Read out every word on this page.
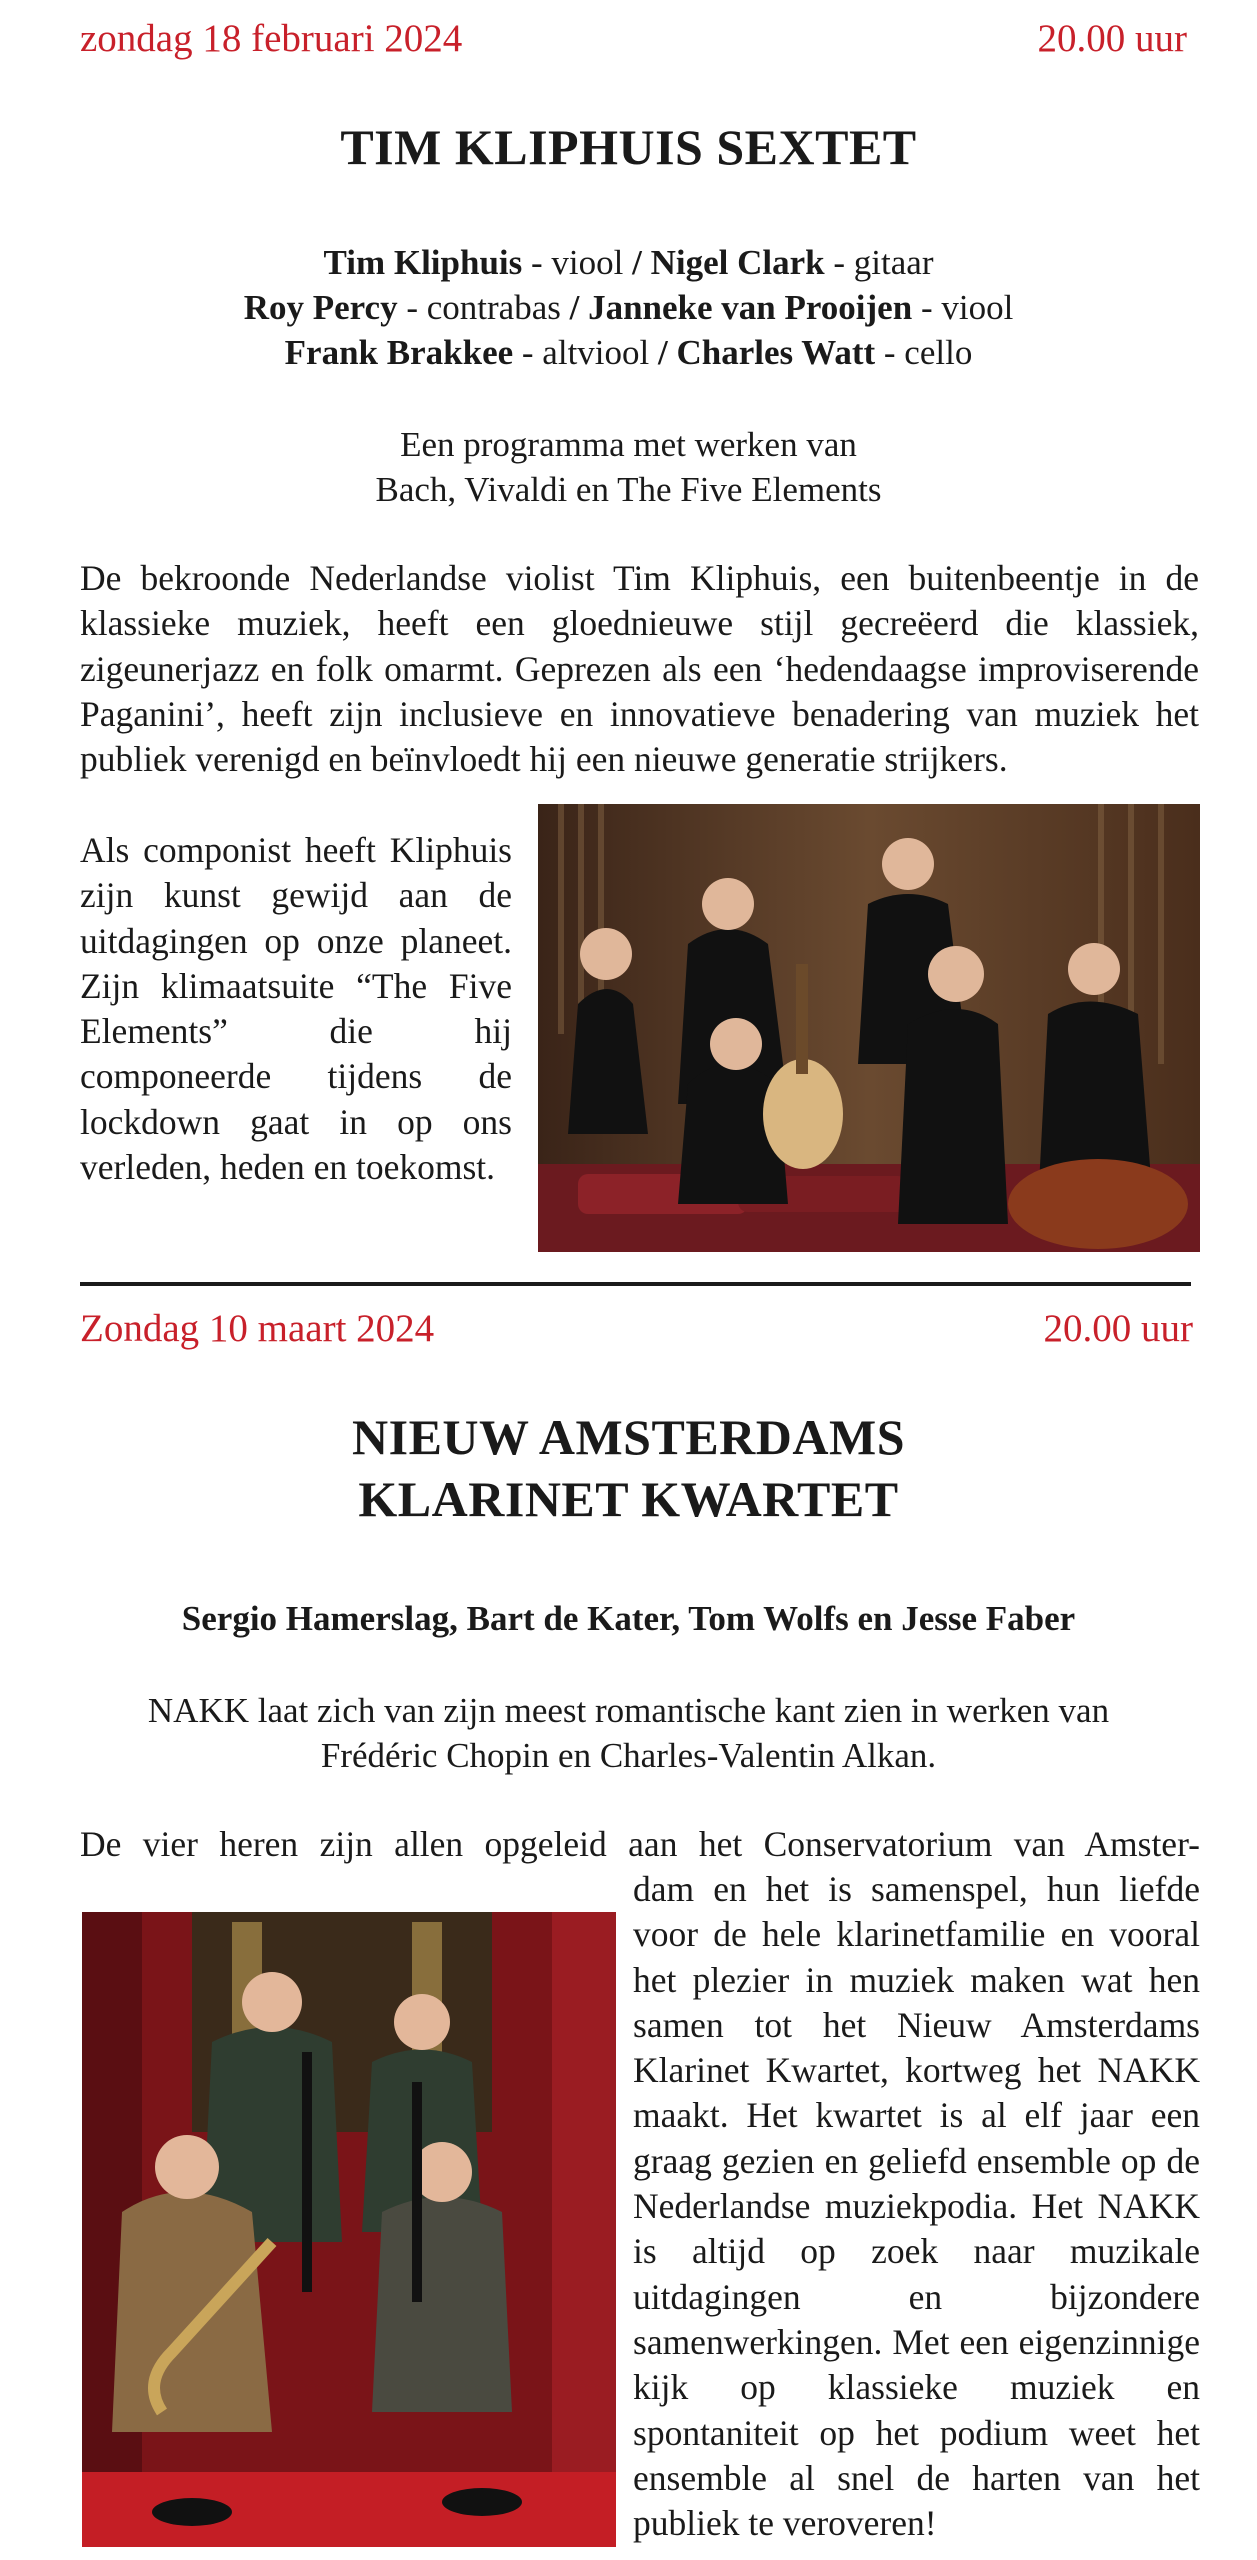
zondag 18 februari 2024	20.00 uur
TIM KLIPHUIS SEXTET
Tim Kliphuis - viool / Nigel Clark - gitaar
Roy Percy - contrabas / Janneke van Prooijen - viool
Frank Brakkee - altviool / Charles Watt - cello
Een programma met werken van
Bach, Vivaldi en The Five Elements
De bekroonde Nederlandse violist Tim Kliphuis, een buitenbeentje in de klassieke muziek, heeft een gloednieuwe stijl gecreëerd die klassiek, zigeunerjazz en folk omarmt. Geprezen als een ‘hedendaagse improviserende Paganini’, heeft zijn inclusieve en innovatieve benadering van muziek het publiek verenigd en beïnvloedt hij een nieuwe generatie strijkers.
Als componist heeft Kliphuis zijn kunst gewijd aan de uitdagingen op onze planeet. Zijn klimaatsuite “The Five Elements” die hij componeerde tijdens de lockdown gaat in op ons verleden, heden en toekomst.
Zondag 10 maart 2024	20.00 uur
NIEUW AMSTERDAMS
KLARINET KWARTET
Sergio Hamerslag, Bart de Kater, Tom Wolfs en Jesse Faber
NAKK laat zich van zijn meest romantische kant zien in werken van
Frédéric Chopin en Charles-Valentin Alkan.
De vier heren zijn allen opgeleid aan het Conservatorium van Amster-
dam en het is samenspel, hun liefde voor de hele klarinetfamilie en vooral het plezier in muziek maken wat hen samen tot het Nieuw Amsterdams Klarinet Kwartet, kortweg het NAKK maakt. Het kwartet is al elf jaar een graag gezien en geliefd ensemble op de Nederlandse muziekpodia. Het NAKK is altijd op zoek naar muzikale uitdagingen en bijzondere samenwerkingen. Met een eigenzinnige kijk op klassieke muziek en spontaniteit op het podium weet het ensemble al snel de harten van het publiek te veroveren!
